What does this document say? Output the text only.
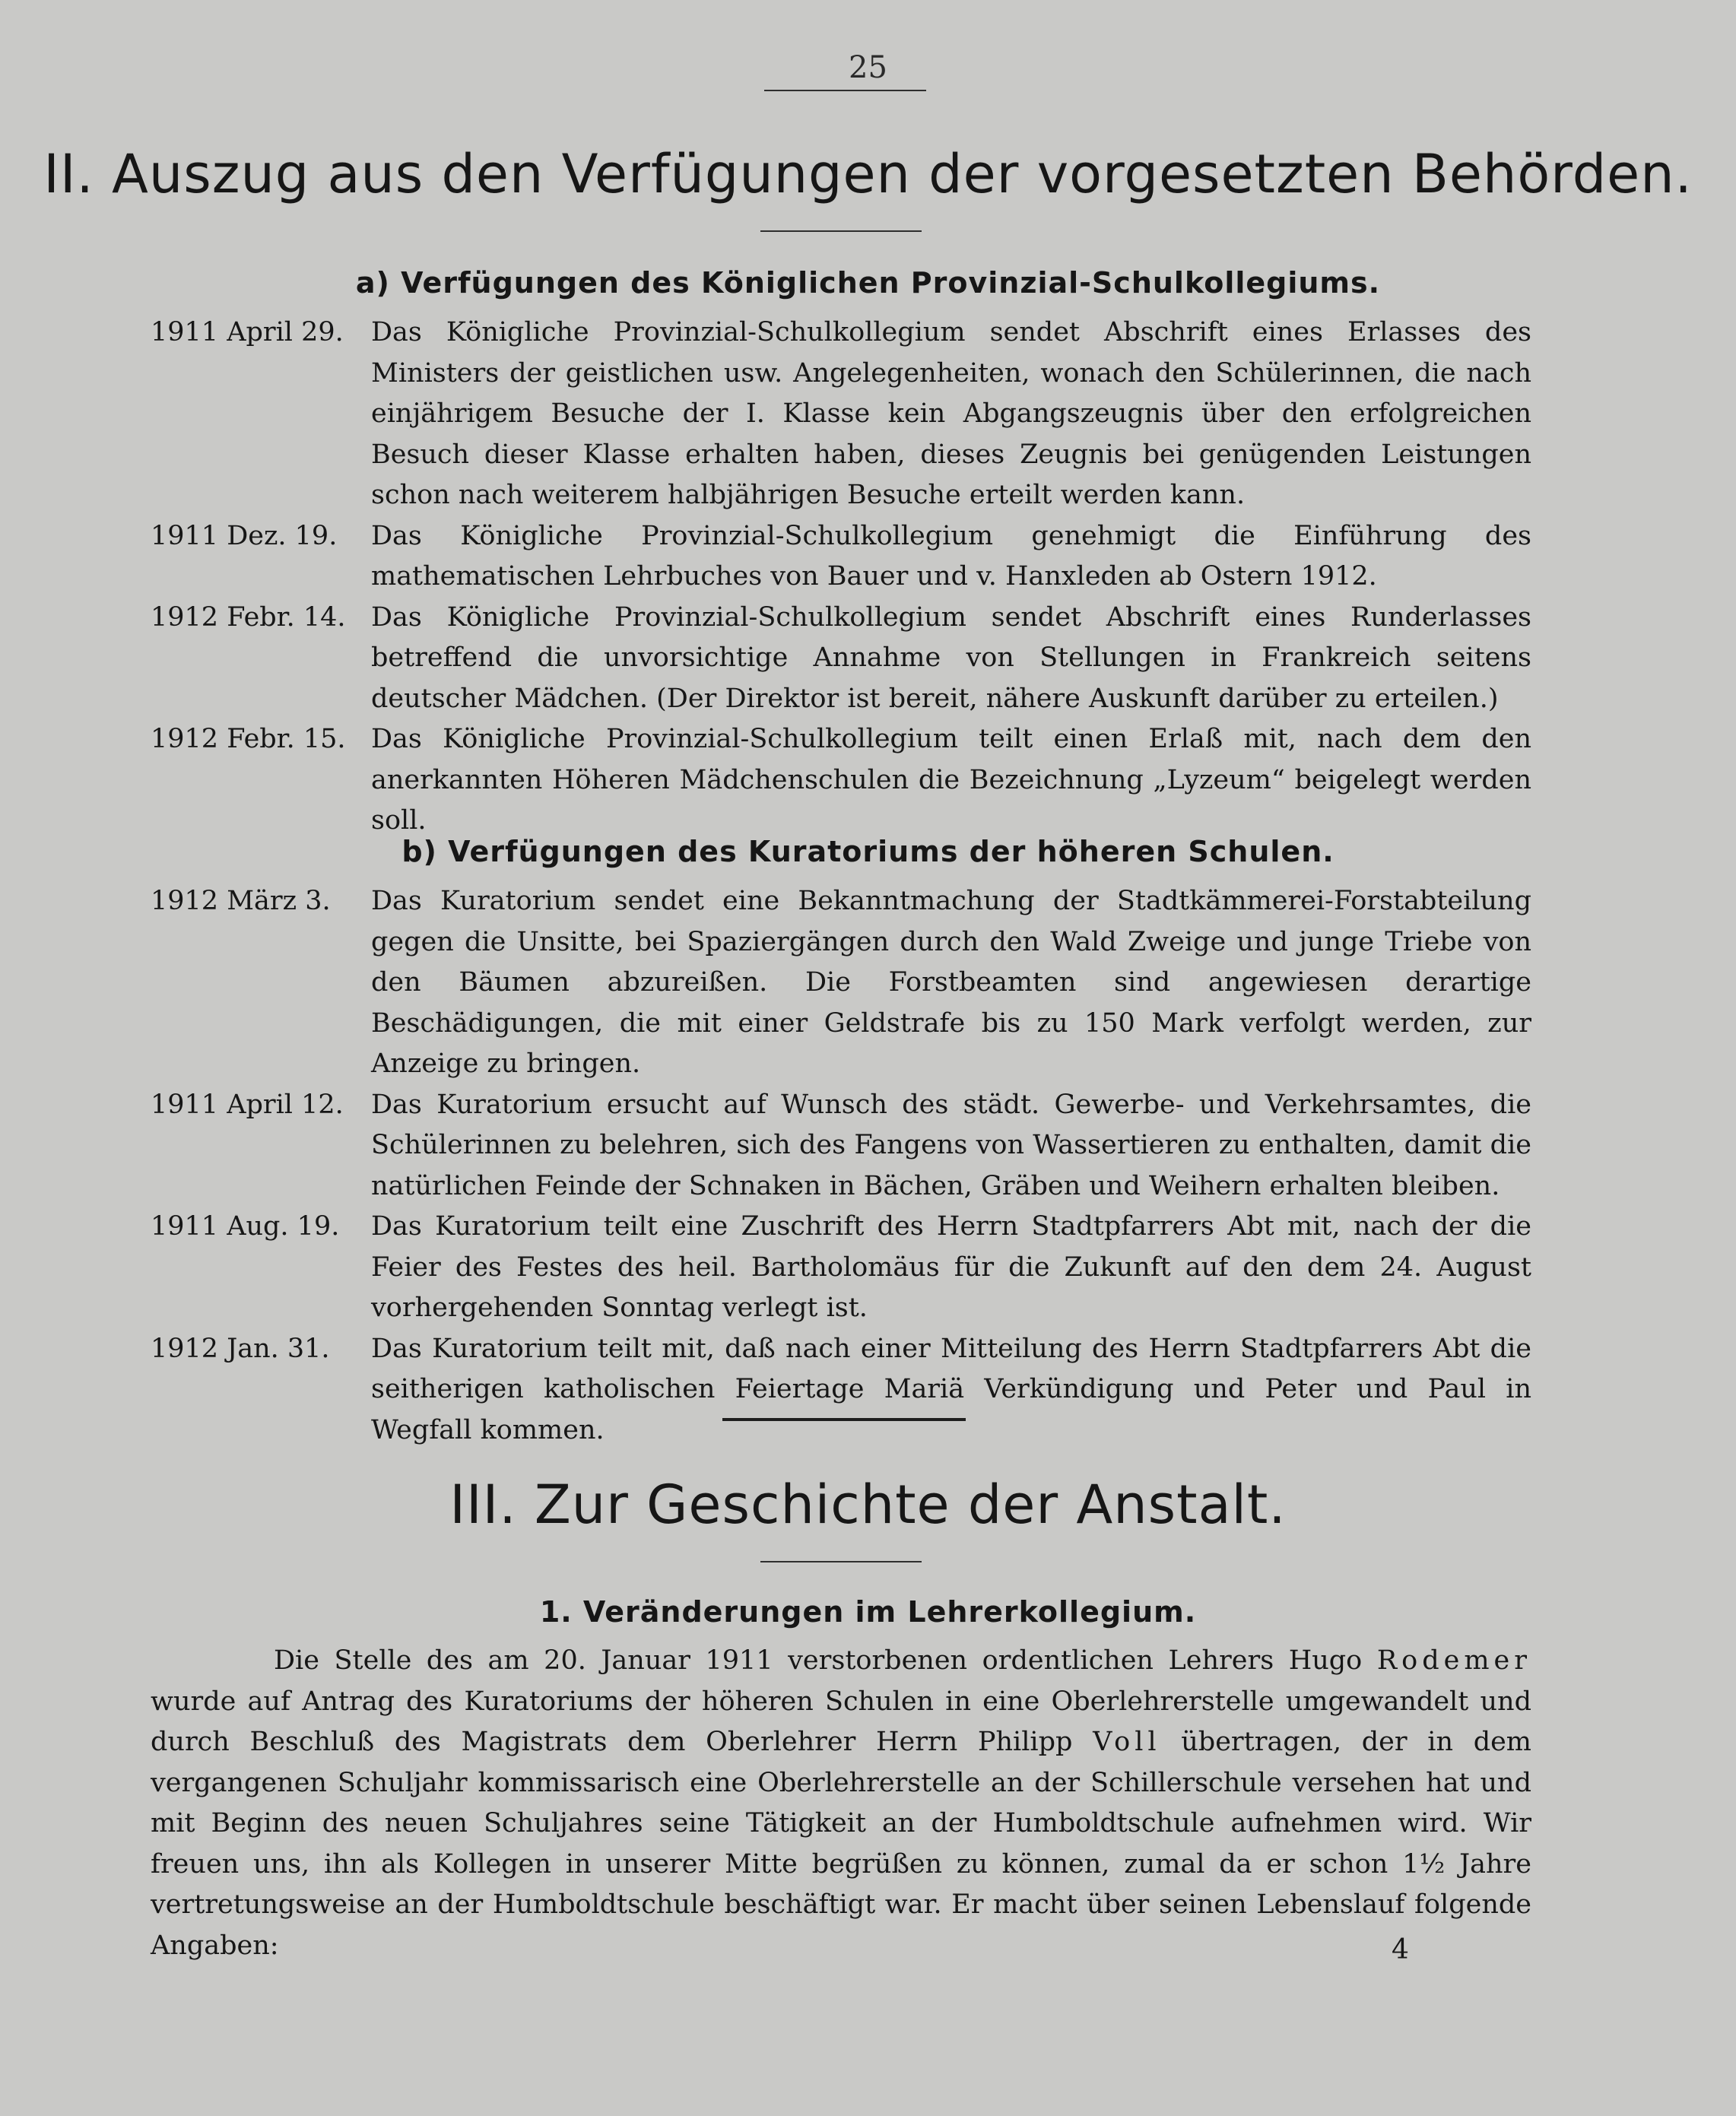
25
II. Auszug aus den Verfügungen der vorgesetzten Behörden.
a) Verfügungen des Königlichen Provinzial-Schulkollegiums.
1911 April 29.	Das Königliche Provinzial-Schulkollegium sendet Abschrift eines Erlasses des Ministers der geistlichen usw. Angelegenheiten, wonach den Schülerinnen, die nach einjährigem Besuche der I. Klasse kein Abgangszeugnis über den erfolgreichen Besuch dieser Klasse erhalten haben, dieses Zeugnis bei genügenden Leistungen schon nach weiterem halbjährigen Besuche erteilt werden kann.
1911 Dez. 19.	Das Königliche Provinzial-Schulkollegium genehmigt die Einführung des mathematischen Lehrbuches von Bauer und v. Hanxleden ab Ostern 1912.
1912 Febr. 14. Das Königliche Provinzial-Schulkollegium sendet Abschrift eines Runderlasses betreffend die unvorsichtige Annahme von Stellungen in Frankreich seitens deutscher Mädchen. (Der Direktor ist bereit, nähere Auskunft darüber zu erteilen.)
1912 Febr. 15. Das Königliche Provinzial-Schulkollegium teilt einen Erlaß mit, nach dem den anerkannten Höheren Mädchenschulen die Bezeichnung „Lyzeum“ beigelegt werden soll.
b) Verfügungen des Kuratoriums der höheren Schulen.
1912 März 3.	Das Kuratorium sendet eine Bekanntmachung der Stadtkämmerei-Forstabteilung gegen die Unsitte, bei Spaziergängen durch den Wald Zweige und junge Triebe von den Bäumen abzureißen. Die Forstbeamten sind angewiesen derartige Beschädigungen, die mit einer Geldstrafe bis zu 150 Mark verfolgt werden, zur Anzeige zu bringen.
1911 April 12.	Das Kuratorium ersucht auf Wunsch des städt. Gewerbe- und Verkehrsamtes, die Schülerinnen zu belehren, sich des Fangens von Wassertieren zu enthalten, damit die natürlichen Feinde der Schnaken in Bächen, Gräben und Weihern erhalten bleiben.
1911 Aug. 19.	Das Kuratorium teilt eine Zuschrift des Herrn Stadtpfarrers Abt mit, nach der die Feier des Festes des heil. Bartholomäus für die Zukunft auf den dem 24. August vorhergehenden Sonntag verlegt ist.
1912 Jan. 31.	Das Kuratorium teilt mit, daß nach einer Mitteilung des Herrn Stadtpfarrers Abt die seitherigen katholischen Feiertage Mariä Verkündigung und Peter und Paul in Wegfall kommen.
III. Zur Geschichte der Anstalt.
1. Veränderungen im Lehrerkollegium.

Die Stelle des am 20. Januar 1911 verstorbenen ordentlichen Lehrers Hugo Rodemer wurde auf Antrag des Kuratoriums der höheren Schulen in eine Oberlehrerstelle umgewandelt und durch Beschluß des Magistrats dem Oberlehrer Herrn Philipp Voll übertragen, der in dem vergangenen Schuljahr kommissarisch eine Oberlehrerstelle an der Schillerschule versehen hat und mit Beginn des neuen Schuljahres seine Tätigkeit an der Humboldtschule aufnehmen wird. Wir freuen uns, ihn als Kollegen in unserer Mitte begrüßen zu können, zumal da er schon 1½ Jahre vertretungsweise an der Humboldtschule beschäftigt war. Er macht über seinen Lebenslauf folgende Angaben:	4
